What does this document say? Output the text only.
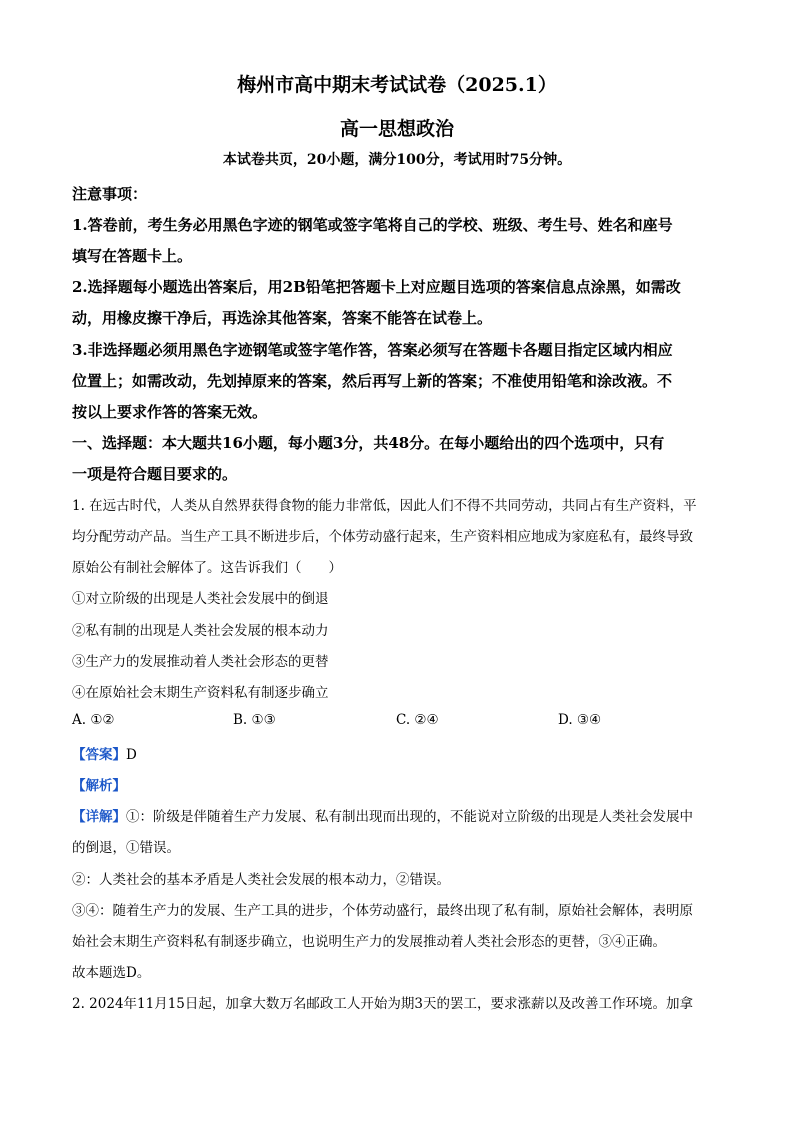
梅州市高中期末考试试卷（2025.1）
高一思想政治
本试卷共页，20小题，满分100分，考试用时75分钟。
注意事项：
1.答卷前，考生务必用黑色字迹的钢笔或签字笔将自己的学校、班级、考生号、姓名和座号
填写在答题卡上。
2.选择题每小题选出答案后，用2B铅笔把答题卡上对应题目选项的答案信息点涂黑，如需改
动，用橡皮擦干净后，再选涂其他答案，答案不能答在试卷上。
3.非选择题必须用黑色字迹钢笔或签字笔作答，答案必须写在答题卡各题目指定区域内相应
位置上；如需改动，先划掉原来的答案，然后再写上新的答案；不准使用铅笔和涂改液。不
按以上要求作答的答案无效。
一、选择题：本大题共16小题，每小题3分，共48分。在每小题给出的四个选项中，只有
一项是符合题目要求的。
1. 在远古时代，人类从自然界获得食物的能力非常低，因此人们不得不共同劳动，共同占有生产资料，平
均分配劳动产品。当生产工具不断进步后，个体劳动盛行起来，生产资料相应地成为家庭私有，最终导致
原始公有制社会解体了。这告诉我们（　　）
①对立阶级的出现是人类社会发展中的倒退
②私有制的出现是人类社会发展的根本动力
③生产力的发展推动着人类社会形态的更替
④在原始社会末期生产资料私有制逐步确立
A. ①②	B. ①③	C. ②④	D. ③④
【答案】D
【解析】
【详解】①：阶级是伴随着生产力发展、私有制出现而出现的，不能说对立阶级的出现是人类社会发展中
的倒退，①错误。
②：人类社会的基本矛盾是人类社会发展的根本动力，②错误。
③④：随着生产力的发展、生产工具的进步，个体劳动盛行，最终出现了私有制，原始社会解体，表明原
始社会末期生产资料私有制逐步确立，也说明生产力的发展推动着人类社会形态的更替，③④正确。
故本题选D。
2. 2024年11月15日起，加拿大数万名邮政工人开始为期3天的罢工，要求涨薪以及改善工作环境。加拿
